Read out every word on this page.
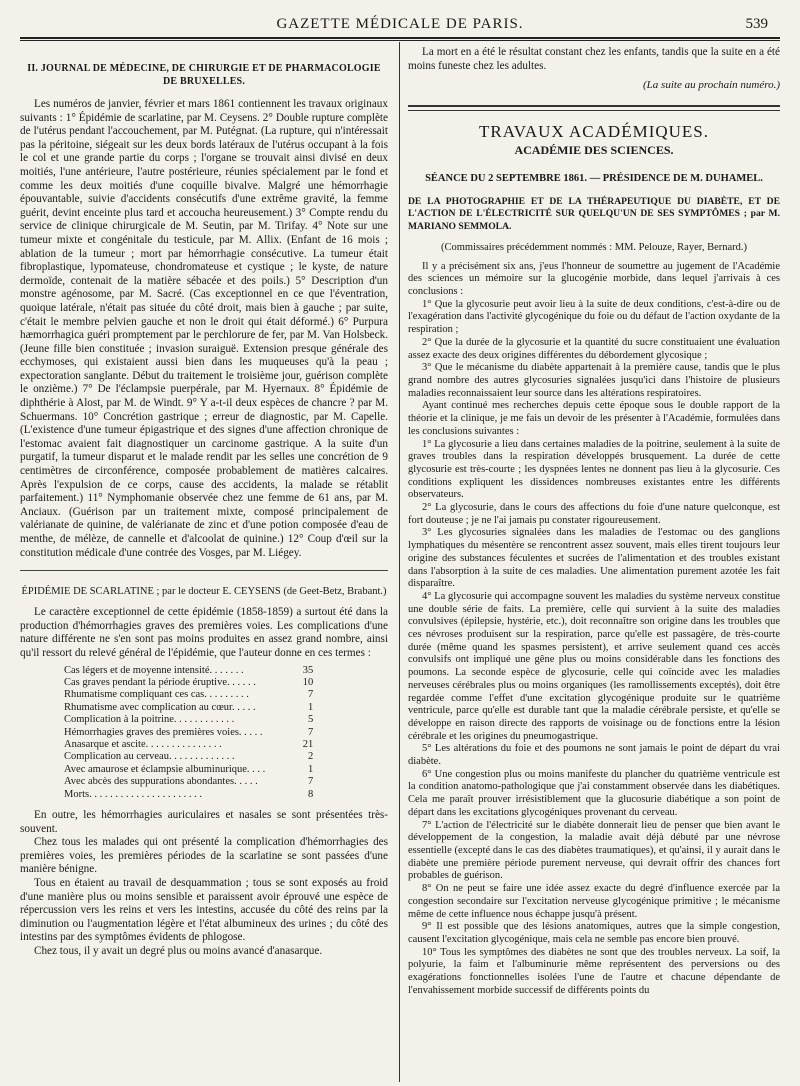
GAZETTE MÉDICALE DE PARIS.	539
II. JOURNAL DE MÉDECINE, DE CHIRURGIE ET DE PHARMACOLOGIE DE BRUXELLES.

Les numéros de janvier, février et mars 1861 contiennent les travaux originaux suivants : 1° Épidémie de scarlatine, par M. Ceysens. 2° Double rupture complète de l'utérus pendant l'accouchement, par M. Putégnat. (La rupture, qui n'intéressait pas la péritoine, siégeait sur les deux bords latéraux de l'utérus occupant à la fois le col et une grande partie du corps ; l'organe se trouvait ainsi divisé en deux moitiés, l'une antérieure, l'autre postérieure, réunies spécialement par le fond et comme les deux moitiés d'une coquille bivalve. Malgré une hémorrhagie épouvantable, suivie d'accidents consécutifs d'une extrême gravité, la femme guérit, devint enceinte plus tard et accoucha heureusement.) 3° Compte rendu du service de clinique chirurgicale de M. Seutin, par M. Tirifay. 4° Note sur une tumeur mixte et congénitale du testicule, par M. Allix. (Enfant de 16 mois ; ablation de la tumeur ; mort par hémorrhagie consécutive. La tumeur était fibroplastique, lypomateuse, chondromateuse et cystique ; le kyste, de nature dermoïde, contenait de la matière sébacée et des poils.) 5° Description d'un monstre agénosome, par M. Sacré. (Cas exceptionnel en ce que l'éventration, quoique latérale, n'était pas située du côté droit, mais bien à gauche ; par suite, c'était le membre pelvien gauche et non le droit qui était déformé.) 6° Purpura hæmorrhagica guéri promptement par le perchlorure de fer, par M. Van Holsbeck. (Jeune fille bien constituée ; invasion suraiguë. Extension presque générale des ecchymoses, qui existaient aussi bien dans les muqueuses qu'à la peau ; expectoration sanglante. Début du traitement le troisième jour, guérison complète le onzième.) 7° De l'éclampsie puerpérale, par M. Hyernaux. 8° Épidémie de diphthérie à Alost, par M. de Windt. 9° Y a-t-il deux espèces de chancre ? par M. Schuermans. 10° Concrétion gastrique ; erreur de diagnostic, par M. Capelle. (L'existence d'une tumeur épigastrique et des signes d'une affection chronique de l'estomac avaient fait diagnostiquer un carcinome gastrique. A la suite d'un purgatif, la tumeur disparut et le malade rendit par les selles une concrétion de 9 centimètres de circonférence, composée probablement de matières calcaires. Après l'expulsion de ce corps, cause des accidents, la malade se rétablit parfaitement.) 11° Nymphomanie observée chez une femme de 61 ans, par M. Anciaux. (Guérison par un traitement mixte, composé principalement de valérianate de quinine, de valérianate de zinc et d'une potion composée d'eau de menthe, de mélèze, de cannelle et d'alcoolat de quinine.) 12° Coup d'œil sur la constitution médicale d'une contrée des Vosges, par M. Liégey.

ÉPIDÉMIE DE SCARLATINE ; par le docteur E. CEYSENS (de Geet-Betz, Brabant.)

Le caractère exceptionnel de cette épidémie (1858-1859) a surtout été dans la production d'hémorrhagies graves des premières voies. Les complications d'une nature différente ne s'en sont pas moins produites en assez grand nombre, ainsi qu'il ressort du relevé général de l'épidémie, que l'auteur donne en ces termes :

Cas légers et de moyenne intensité. . . . . . .	35
Cas graves pendant la période éruptive. . . . . .	10
Rhumatisme compliquant ces cas. . . . . . . . .	7
Rhumatisme avec complication au cœur. . . . .	1
Complication à la poitrine. . . . . . . . . . . .	5
Hémorrhagies graves des premières voies. . . . .	7
Anasarque et ascite. . . . . . . . . . . . . . .	21
Complication au cerveau. . . . . . . . . . . . .	2
Avec amaurose et éclampsie albuminurique. . . .	1
Avec abcès des suppurations abondantes. . . . .	7
Morts. . . . . . . . . . . . . . . . . . . . . .	8

En outre, les hémorrhagies auriculaires et nasales se sont présentées très-souvent.

Chez tous les malades qui ont présenté la complication d'hémorrhagies des premières voies, les premières périodes de la scarlatine se sont passées d'une manière bénigne.

Tous en étaient au travail de desquammation ; tous se sont exposés au froid d'une manière plus ou moins sensible et paraissent avoir éprouvé une espèce de répercussion vers les reins et vers les intestins, accusée du côté des reins par la diminution ou l'augmentation légère et l'état albumineux des urines ; du côté des intestins par des symptômes évidents de phlogose.

Chez tous, il y avait un degré plus ou moins avancé d'anasarque.

La mort en a été le résultat constant chez les enfants, tandis que la suite en a été moins funeste chez les adultes.

(La suite au prochain numéro.)
TRAVAUX ACADÉMIQUES.
ACADÉMIE DES SCIENCES.
SÉANCE DU 2 SEPTEMBRE 1861. — PRÉSIDENCE DE M. DUHAMEL.
DE LA PHOTOGRAPHIE ET DE LA THÉRAPEUTIQUE DU DIABÈTE, ET DE L'ACTION DE L'ÉLECTRICITÉ SUR QUELQU'UN DE SES SYMPTÔMES ; par M. MARIANO SEMMOLA.
(Commissaires précédemment nommés : MM. Pelouze, Rayer, Bernard.)

Il y a précisément six ans, j'eus l'honneur de soumettre au jugement de l'Académie des sciences un mémoire sur la glucogénie morbide, dans lequel j'arrivais à ces conclusions :

1° Que la glycosurie peut avoir lieu à la suite de deux conditions, c'est-à-dire ou de l'exagération dans l'activité glycogénique du foie ou du défaut de l'action oxydante de la respiration ;

2° Que la durée de la glycosurie et la quantité du sucre constituaient une évaluation assez exacte des deux origines différentes du débordement glycosique ;

3° Que le mécanisme du diabète appartenait à la première cause, tandis que le plus grand nombre des autres glycosuries signalées jusqu'ici dans l'histoire de plusieurs maladies reconnaissaient leur source dans les altérations respiratoires.

Ayant continué mes recherches depuis cette époque sous le double rapport de la théorie et la clinique, je me fais un devoir de les présenter à l'Académie, formulées dans les conclusions suivantes :

1° La glycosurie a lieu dans certaines maladies de la poitrine, seulement à la suite de graves troubles dans la respiration développés brusquement. La durée de cette glycosurie est très-courte ; les dyspnées lentes ne donnent pas lieu à la glycosurie. Ces conditions expliquent les dissidences nombreuses existantes entre les différents observateurs.

2° La glycosurie, dans le cours des affections du foie d'une nature quelconque, est fort douteuse ; je ne l'ai jamais pu constater rigoureusement.

3° Les glycosuries signalées dans les maladies de l'estomac ou des ganglions lymphatiques du mésentère se rencontrent assez souvent, mais elles tirent toujours leur origine des substances féculentes et sucrées de l'alimentation et des troubles existant dans l'absorption à la suite de ces maladies. Une alimentation purement azotée les fait disparaître.

4° La glycosurie qui accompagne souvent les maladies du système nerveux constitue une double série de faits. La première, celle qui survient à la suite des maladies convulsives (épilepsie, hystérie, etc.), doit reconnaître son origine dans les troubles que ces névroses produisent sur la respiration, parce qu'elle est passagère, de très-courte durée (même quand les spasmes persistent), et arrive seulement quand ces accès convulsifs ont impliqué une gêne plus ou moins considérable dans les fonctions des poumons. La seconde espèce de glycosurie, celle qui coïncide avec les maladies nerveuses cérébrales plus ou moins organiques (les ramollissements exceptés), doit être regardée comme l'effet d'une excitation glycogénique produite sur le quatrième ventricule, parce qu'elle est durable tant que la maladie cérébrale persiste, et qu'elle se développe en raison directe des rapports de voisinage ou de fonctions entre la lésion cérébrale et les origines du pneumogastrique.

5° Les altérations du foie et des poumons ne sont jamais le point de départ du vrai diabète.

6° Une congestion plus ou moins manifeste du plancher du quatrième ventricule est la condition anatomo-pathologique que j'ai constamment observée dans les diabétiques. Cela me paraît prouver irrésistiblement que la glucosurie diabétique a son point de départ dans les excitations glycogéniques provenant du cerveau.

7° L'action de l'électricité sur le diabète donnerait lieu de penser que bien avant le développement de la congestion, la maladie avait déjà débuté par une névrose essentielle (excepté dans le cas des diabètes traumatiques), et qu'ainsi, il y aurait dans le diabète une première période purement nerveuse, qui devrait offrir des chances fort probables de guérison.

8° On ne peut se faire une idée assez exacte du degré d'influence exercée par la congestion secondaire sur l'excitation nerveuse glycogénique primitive ; le mécanisme même de cette influence nous échappe jusqu'à présent.

9° Il est possible que des lésions anatomiques, autres que la simple congestion, causent l'excitation glycogénique, mais cela ne semble pas encore bien prouvé.

10° Tous les symptômes des diabètes ne sont que des troubles nerveux. La soif, la polyurie, la faim et l'albuminurie même représentent des perversions ou des exagérations fonctionnelles isolées l'une de l'autre et chacune dépendante de l'envahissement morbide successif de différents points du
